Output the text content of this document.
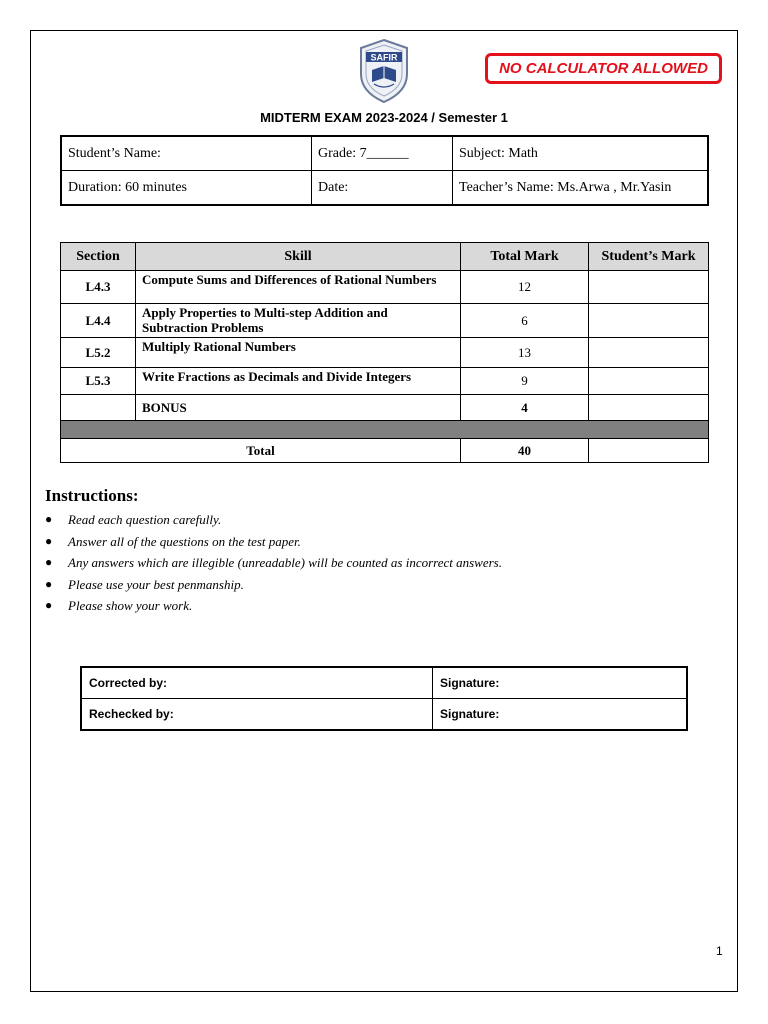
SAFIR
NO CALCULATOR ALLOWED
MIDTERM EXAM 2023-2024 / Semester 1
Student’s Name:	Grade: 7______	Subject: Math
Duration: 60 minutes	Date:	Teacher’s Name: Ms.Arwa , Mr.Yasin
Section	Skill	Total Mark	Student’s Mark
L4.3	Compute Sums and Differences of Rational Numbers	12	
L4.4	Apply Properties to Multi-step Addition and Subtraction Problems	6	
L5.2	Multiply Rational Numbers	13	
L5.3	Write Fractions as Decimals and Divide Integers	9	
	BONUS	4	

Total		40	
Instructions:
● Read each question carefully.
● Answer all of the questions on the test paper.
● Any answers which are illegible (unreadable) will be counted as incorrect answers.
● Please use your best penmanship.
● Please show your work.
Corrected by:	Signature:
Rechecked by:	Signature:
1
